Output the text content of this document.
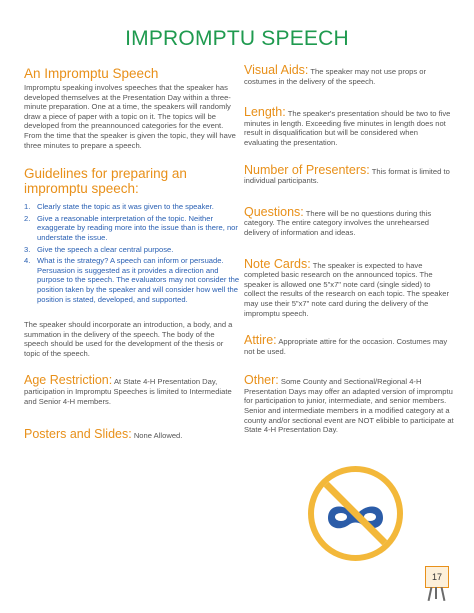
IMPROMPTU SPEECH
An Impromptu Speech

Impromptu speaking involves speeches that the speaker has developed themselves at the Presentation Day within a three-minute preparation. One at a time, the speakers will randomly draw a piece of paper with a topic on it. The topics will be developed from the preannounced categories for the event. From the time that the speaker is given the topic, they will have three minutes to prepare a speech.

Guidelines for preparing an impromptu speech:
1. Clearly state the topic as it was given to the speaker.
2. Give a reasonable interpretation of the topic. Neither exaggerate by reading more into the issue than is there, nor understate the issue.
3. Give the speech a clear central purpose.
4. What is the strategy? A speech can inform or persuade. Persuasion is suggested as it provides a direction and purpose to the speech. The evaluators may not consider the position taken by the speaker and will consider how well the position is stated, developed, and supported.

The speaker should incorporate an introduction, a body, and a summation in the delivery of the speech. The body of the speech should be used for the development of the thesis or topic of the speech.

Age Restriction: At State 4-H Presentation Day, participation in Impromptu Speeches is limited to Intermediate and Senior 4-H members.

Posters and Slides: None Allowed.

Visual Aids: The speaker may not use props or costumes in the delivery of the speech.

Length: The speaker's presentation should be two to five minutes in length. Exceeding five minutes in length does not result in disqualification but will be considered when evaluating the presentation.

Number of Presenters: This format is limited to individual participants.

Questions: There will be no questions during this category. The entire category involves the unrehearsed delivery of information and ideas.

Note Cards: The speaker is expected to have completed basic research on the announced topics. The speaker is allowed one 5"x7" note card (single sided) to collect the results of the research on each topic. The speaker may use their 5"x7" note card during the delivery of the impromptu speech.

Attire: Appropriate attire for the occasion. Costumes may not be used.

Other: Some County and Sectional/Regional 4-H Presentation Days may offer an adapted version of impromptu for participation to junior, intermediate, and senior members. Senior and intermediate members in a modified category at a county and/or sectional event are NOT elibible to participate at State 4-H Presentation Day.

17
